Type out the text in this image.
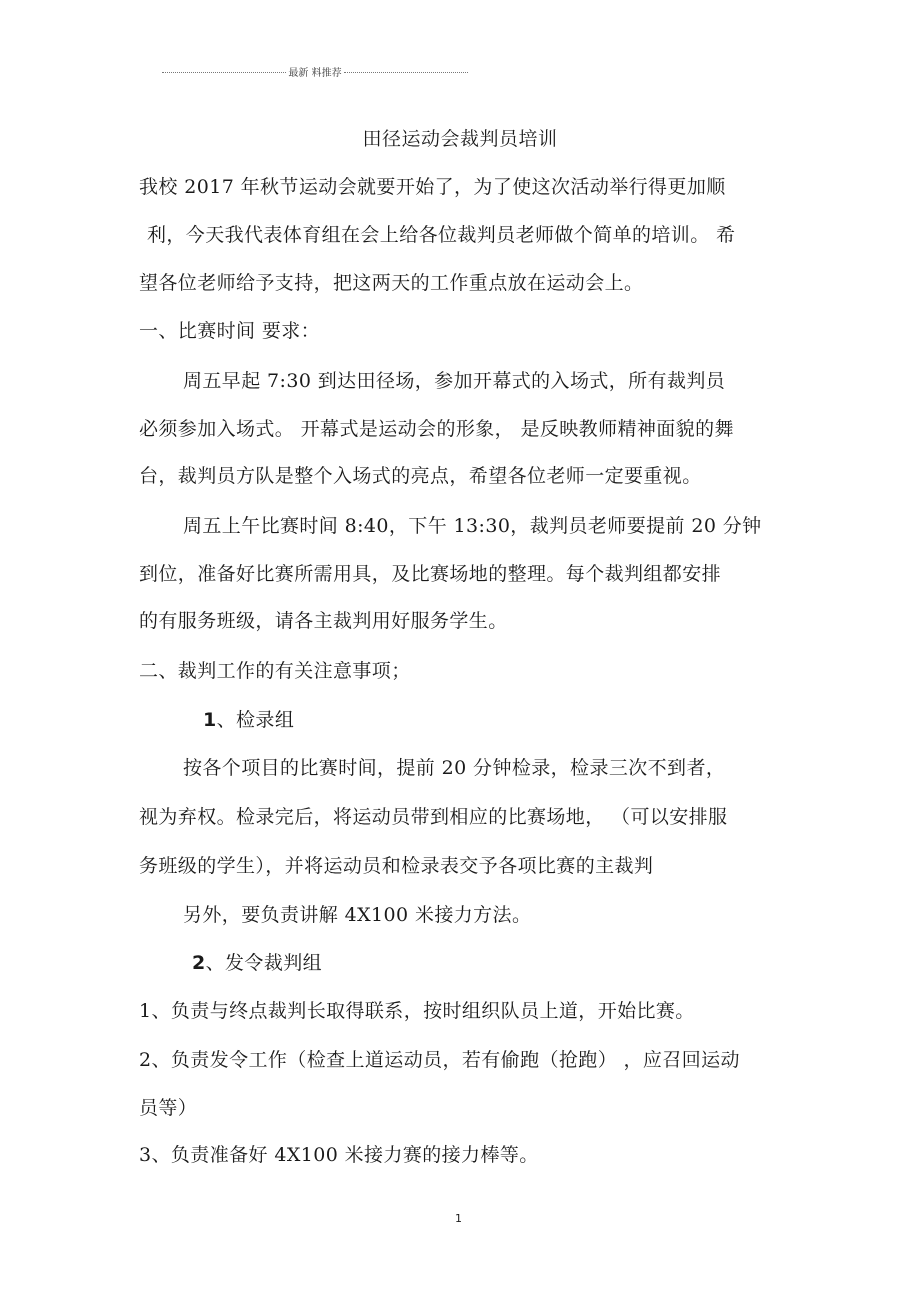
最新 料推荐
田径运动会裁判员培训
我校 2017 年秋节运动会就要开始了，为了使这次活动举行得更加顺
利，今天我代表体育组在会上给各位裁判员老师做个简单的培训。 希
望各位老师给予支持，把这两天的工作重点放在运动会上。
一、比赛时间 要求：
周五早起 7:30 到达田径场，参加开幕式的入场式，所有裁判员
必须参加入场式。 开幕式是运动会的形象， 是反映教师精神面貌的舞
台，裁判员方队是整个入场式的亮点，希望各位老师一定要重视。
周五上午比赛时间 8:40，下午 13:30，裁判员老师要提前 20 分钟
到位，准备好比赛所需用具，及比赛场地的整理。每个裁判组都安排
的有服务班级，请各主裁判用好服务学生。
二、裁判工作的有关注意事项；
1、检录组
按各个项目的比赛时间，提前 20 分钟检录，检录三次不到者，
视为弃权。检录完后，将运动员带到相应的比赛场地， （可以安排服
务班级的学生），并将运动员和检录表交予各项比赛的主裁判
另外，要负责讲解 4X100 米接力方法。
2、发令裁判组
1、负责与终点裁判长取得联系，按时组织队员上道，开始比赛。
2、负责发令工作（检查上道运动员，若有偷跑（抢跑） ，应召回运动
员等）
3、负责准备好 4X100 米接力赛的接力棒等。
1
